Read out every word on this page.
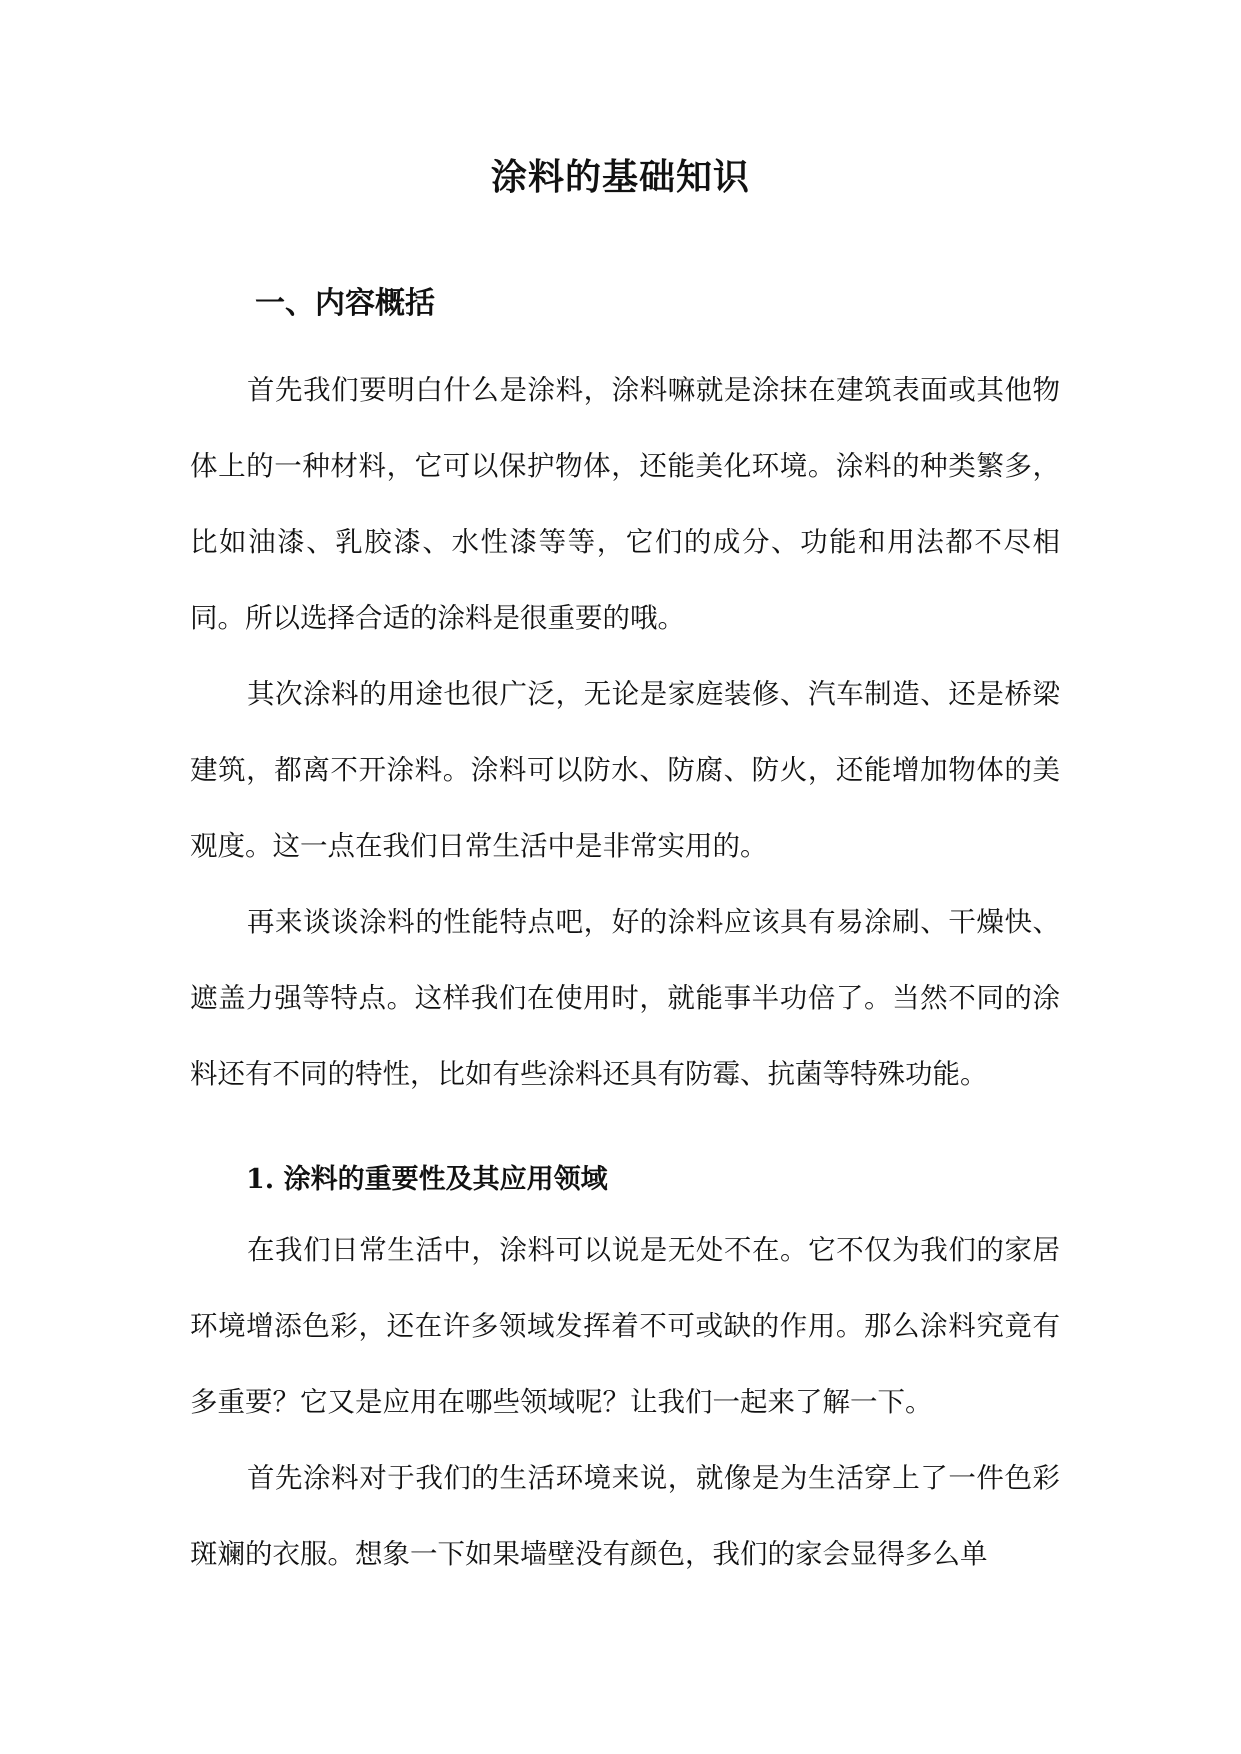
涂料的基础知识
一、内容概括

首先我们要明白什么是涂料，涂料嘛就是涂抹在建筑表面或其他物体上的一种材料，它可以保护物体，还能美化环境。涂料的种类繁多，比如油漆、乳胶漆、水性漆等等，它们的成分、功能和用法都不尽相同。所以选择合适的涂料是很重要的哦。

其次涂料的用途也很广泛，无论是家庭装修、汽车制造、还是桥梁建筑，都离不开涂料。涂料可以防水、防腐、防火，还能增加物体的美观度。这一点在我们日常生活中是非常实用的。

再来谈谈涂料的性能特点吧，好的涂料应该具有易涂刷、干燥快、遮盖力强等特点。这样我们在使用时，就能事半功倍了。当然不同的涂料还有不同的特性，比如有些涂料还具有防霉、抗菌等特殊功能。

1. 涂料的重要性及其应用领域

在我们日常生活中，涂料可以说是无处不在。它不仅为我们的家居环境增添色彩，还在许多领域发挥着不可或缺的作用。那么涂料究竟有多重要？它又是应用在哪些领域呢？让我们一起来了解一下。

首先涂料对于我们的生活环境来说，就像是为生活穿上了一件色彩斑斓的衣服。想象一下如果墙壁没有颜色，我们的家会显得多么单
